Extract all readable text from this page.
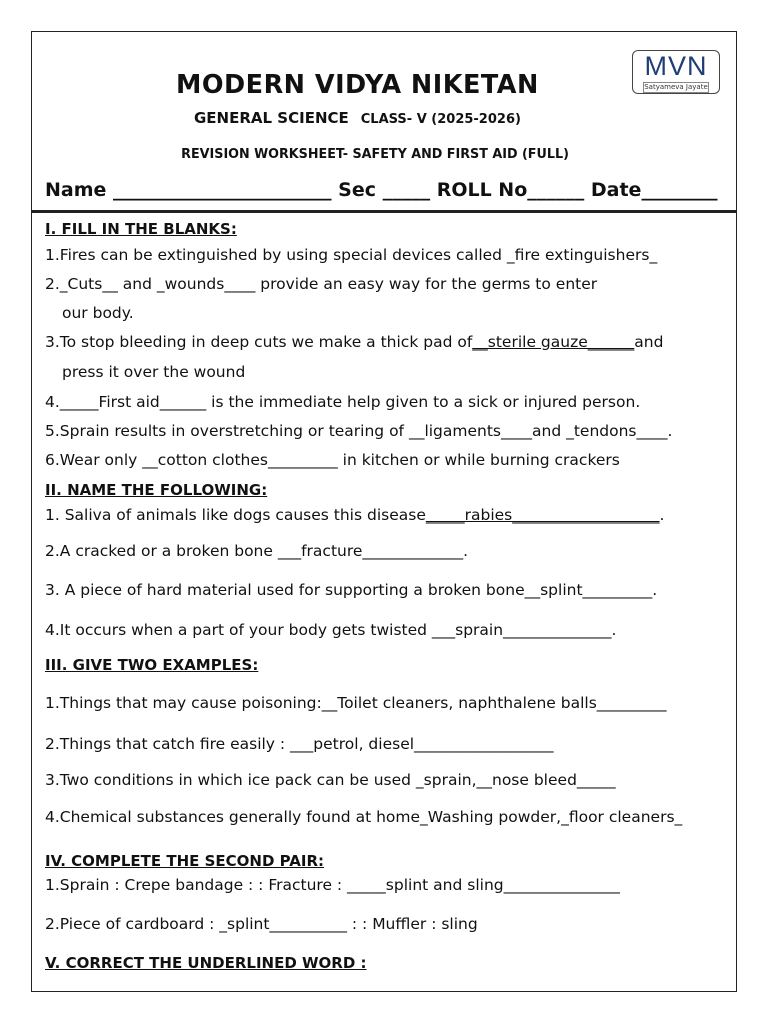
MVN
Satyameva Jayate
MODERN VIDYA NIKETAN
GENERAL SCIENCE CLASS- V (2025-2026)
REVISION WORKSHEET- SAFETY AND FIRST AID (FULL)
Name _______________________ Sec _____ ROLL No______ Date________
I. FILL IN THE BLANKS:
1.Fires can be extinguished by using special devices called _fire extinguishers_
2._Cuts__ and _wounds____ provide an easy way for the germs to enter
our body.
3.To stop bleeding in deep cuts we make a thick pad of__sterile gauze______and
press it over the wound
4._____First aid______ is the immediate help given to a sick or injured person.
5.Sprain results in overstretching or tearing of __ligaments____and _tendons____.
6.Wear only __cotton clothes_________ in kitchen or while burning crackers
II. NAME THE FOLLOWING:
1. Saliva of animals like dogs causes this disease_____rabies___________________.
2.A cracked or a broken bone ___fracture_____________.
3. A piece of hard material used for supporting a broken bone__splint_________.
4.It occurs when a part of your body gets twisted ___sprain______________.
III. GIVE TWO EXAMPLES:
1.Things that may cause poisoning:__Toilet cleaners, naphthalene balls_________
2.Things that catch fire easily : ___petrol, diesel__________________
3.Two conditions in which ice pack can be used _sprain,__nose bleed_____
4.Chemical substances generally found at home_Washing powder,_floor cleaners_
IV. COMPLETE THE SECOND PAIR:
1.Sprain : Crepe bandage : : Fracture : _____splint and sling_______________
2.Piece of cardboard : _splint__________ : : Muffler : sling
V. CORRECT THE UNDERLINED WORD :
